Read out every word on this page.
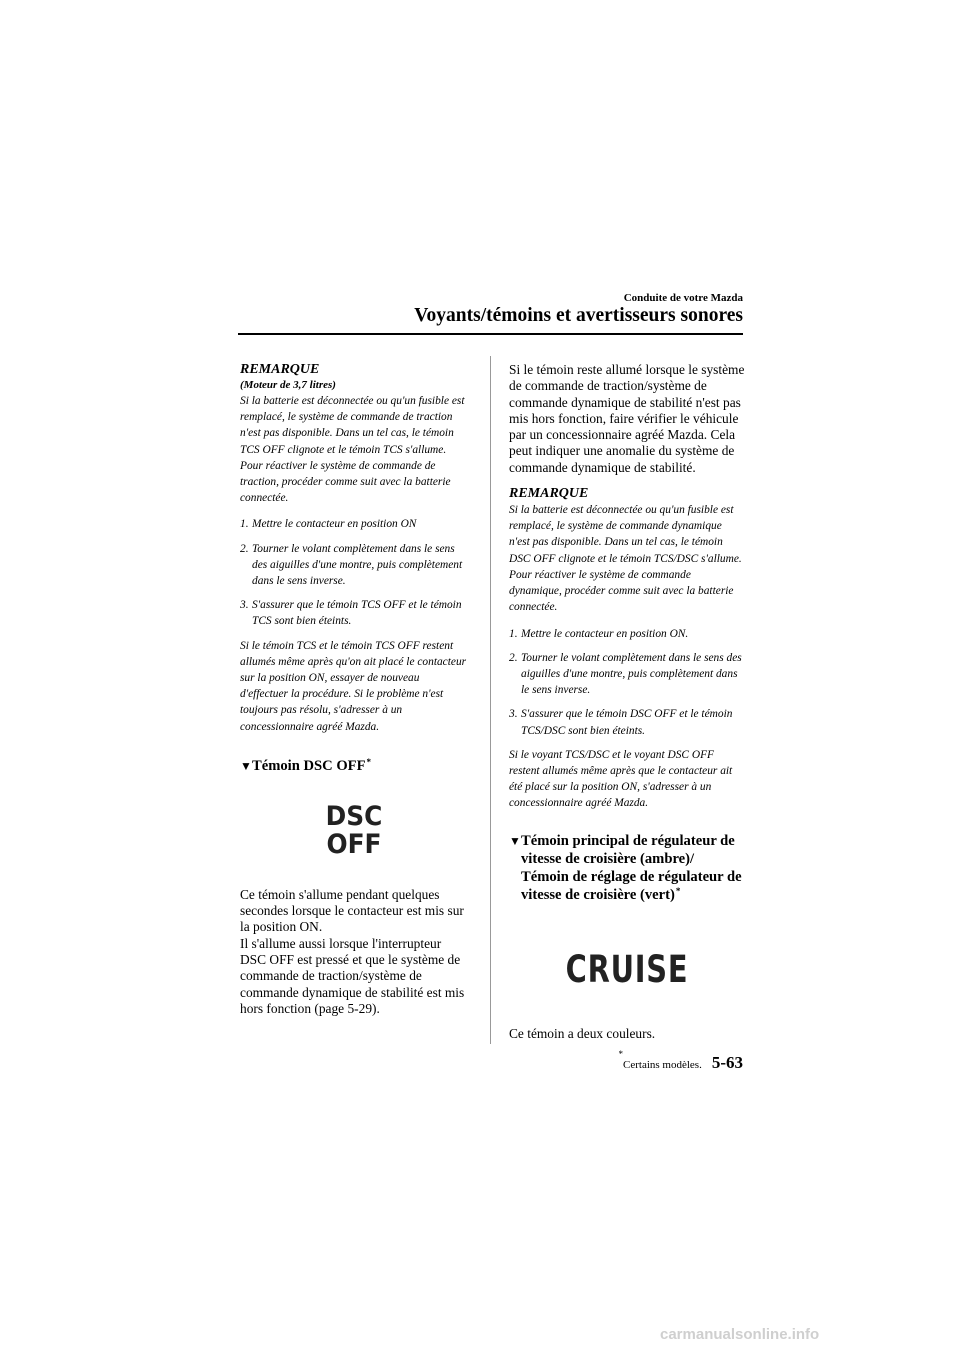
Conduite de votre Mazda
Voyants/témoins et avertisseurs sonores
REMARQUE
(Moteur de 3,7 litres)

Si la batterie est déconnectée ou qu'un fusible est remplacé, le système de commande de traction n'est pas disponible. Dans un tel cas, le témoin TCS OFF clignote et le témoin TCS s'allume. Pour réactiver le système de commande de traction, procéder comme suit avec la batterie connectée.

1. Mettre le contacteur en position ON
2. Tourner le volant complètement dans le sens des aiguilles d'une montre, puis complètement dans le sens inverse.
3. S'assurer que le témoin TCS OFF et le témoin TCS sont bien éteints.

Si le témoin TCS et le témoin TCS OFF restent allumés même après qu'on ait placé le contacteur sur la position ON, essayer de nouveau d'effectuer la procédure. Si le problème n'est toujours pas résolu, s'adresser à un concessionnaire agréé Mazda.

▼ Témoin DSC OFF*
DSC
OFF

Ce témoin s'allume pendant quelques secondes lorsque le contacteur est mis sur la position ON.

Il s'allume aussi lorsque l'interrupteur DSC OFF est pressé et que le système de commande de traction/système de commande dynamique de stabilité est mis hors fonction (page 5-29).

Si le témoin reste allumé lorsque le système de commande de traction/système de commande dynamique de stabilité n'est pas mis hors fonction, faire vérifier le véhicule par un concessionnaire agréé Mazda. Cela peut indiquer une anomalie du système de commande dynamique de stabilité.

REMARQUE

Si la batterie est déconnectée ou qu'un fusible est remplacé, le système de commande dynamique n'est pas disponible. Dans un tel cas, le témoin DSC OFF clignote et le témoin TCS/DSC s'allume.

Pour réactiver le système de commande dynamique, procéder comme suit avec la batterie connectée.

1. Mettre le contacteur en position ON.
2. Tourner le volant complètement dans le sens des aiguilles d'une montre, puis complètement dans le sens inverse.
3. S'assurer que le témoin DSC OFF et le témoin TCS/DSC sont bien éteints.

Si le voyant TCS/DSC et le voyant DSC OFF restent allumés même après que le contacteur ait été placé sur la position ON, s'adresser à un concessionnaire agréé Mazda.

▼ Témoin principal de régulateur de vitesse de croisière (ambre)/ Témoin de réglage de régulateur de vitesse de croisière (vert)*
CRUISE

Ce témoin a deux couleurs.

*Certains modèles. 5-63
carmanualsonline.info
